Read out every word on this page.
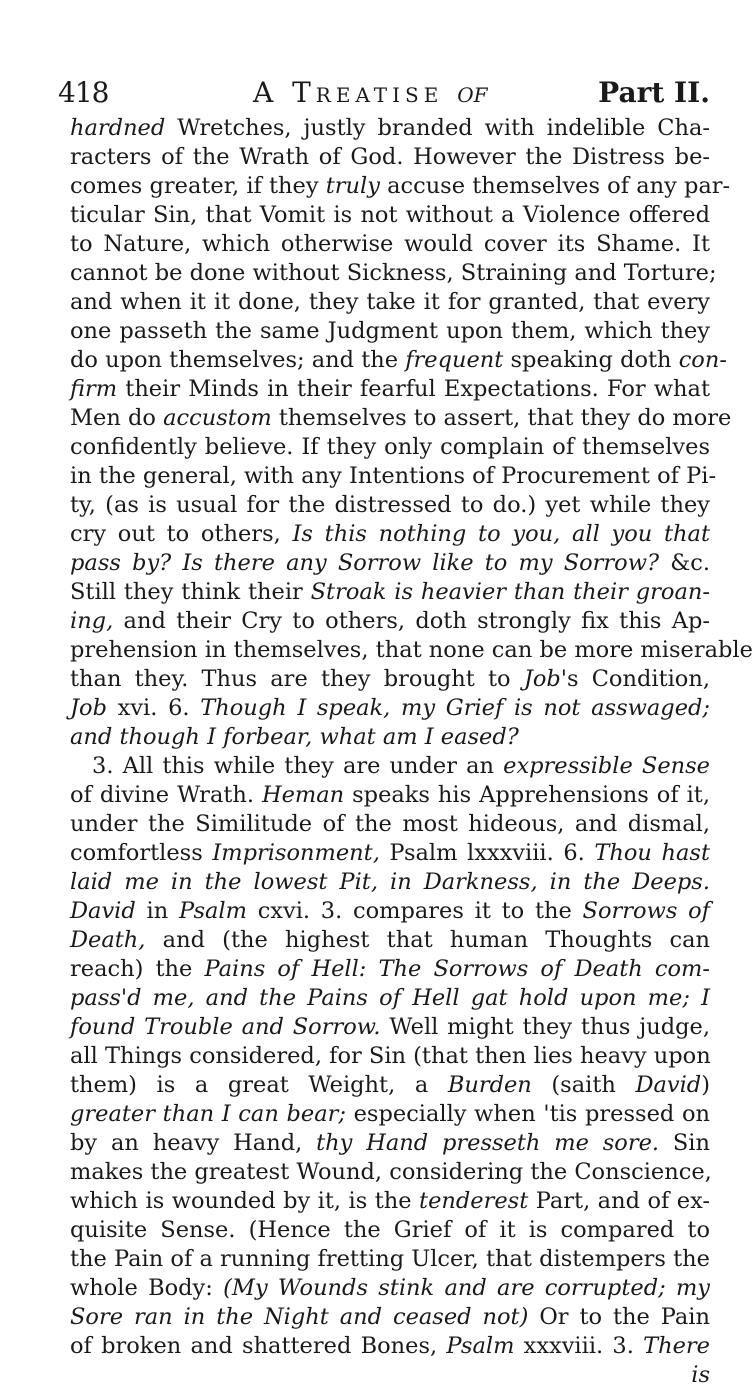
418	A Treatise of	Part II.
hardned Wretches, justly branded with indelible Cha-
racters of the Wrath of God. However the Distress be-
comes greater, if they truly accuse themselves of any par-
ticular Sin, that Vomit is not without a Violence offered
to Nature, which otherwise would cover its Shame. It
cannot be done without Sickness, Straining and Torture;
and when it it done, they take it for granted, that every
one passeth the same Judgment upon them, which they
do upon themselves; and the frequent speaking doth con-
firm their Minds in their fearful Expectations. For what
Men do accustom themselves to assert, that they do more
confidently believe. If they only complain of themselves
in the general, with any Intentions of Procurement of Pi-
ty, (as is usual for the distressed to do.) yet while they
cry out to others, Is this nothing to you, all you that
pass by? Is there any Sorrow like to my Sorrow? &c.
Still they think their Stroak is heavier than their groan-
ing, and their Cry to others, doth strongly fix this Ap-
prehension in themselves, that none can be more miserable
than they. Thus are they brought to Job's Condition,
Job xvi. 6. Though I speak, my Grief is not asswaged;
and though I forbear, what am I eased?
3. All this while they are under an expressible Sense
of divine Wrath. Heman speaks his Apprehensions of it,
under the Similitude of the most hideous, and dismal,
comfortless Imprisonment, Psalm lxxxviii. 6. Thou hast
laid me in the lowest Pit, in Darkness, in the Deeps.
David in Psalm cxvi. 3. compares it to the Sorrows of
Death, and (the highest that human Thoughts can
reach) the Pains of Hell: The Sorrows of Death com-
pass'd me, and the Pains of Hell gat hold upon me; I
found Trouble and Sorrow. Well might they thus judge,
all Things considered, for Sin (that then lies heavy upon
them) is a great Weight, a Burden (saith David)
greater than I can bear; especially when 'tis pressed on
by an heavy Hand, thy Hand presseth me sore. Sin
makes the greatest Wound, considering the Conscience,
which is wounded by it, is the tenderest Part, and of ex-
quisite Sense. (Hence the Grief of it is compared to
the Pain of a running fretting Ulcer, that distempers the
whole Body: (My Wounds stink and are corrupted; my
Sore ran in the Night and ceased not) Or to the Pain
of broken and shattered Bones, Psalm xxxviii. 3. There
is
